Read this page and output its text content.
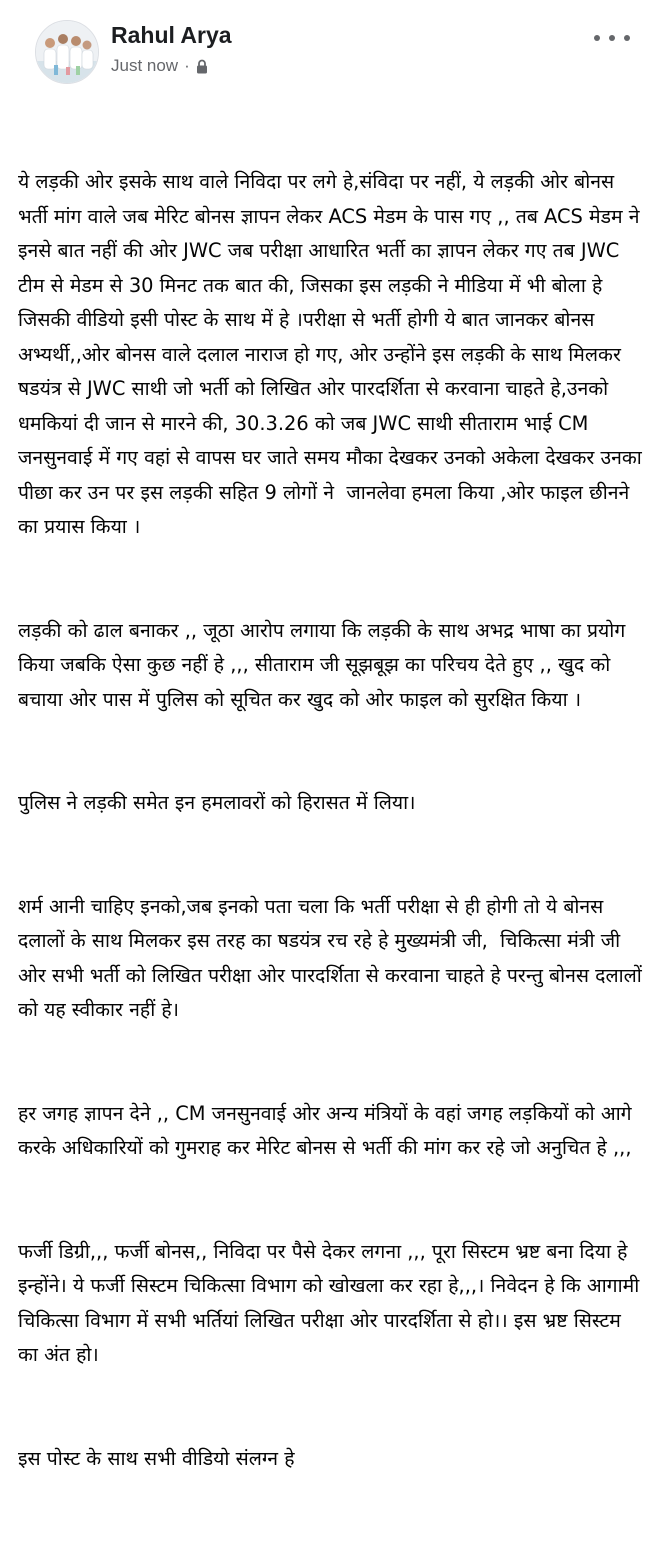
Rahul Arya
Just now ·

ये लड़की ओर इसके साथ वाले निविदा पर लगे हे,संविदा पर नहीं, ये लड़की ओर बोनस भर्ती मांग वाले जब मेरिट बोनस ज्ञापन लेकर ACS मेडम के पास गए ,, तब ACS मेडम ने इनसे बात नहीं की ओर JWC जब परीक्षा आधारित भर्ती का ज्ञापन लेकर गए तब JWC टीम से मेडम से 30 मिनट तक बात की, जिसका इस लड़की ने मीडिया में भी बोला हे जिसकी वीडियो इसी पोस्ट के साथ में हे ।परीक्षा से भर्ती होगी ये बात जानकर बोनस अभ्यर्थी,,ओर बोनस वाले दलाल नाराज हो गए, ओर उन्होंने इस लड़की के साथ मिलकर षडयंत्र से JWC साथी जो भर्ती को लिखित ओर पारदर्शिता से करवाना चाहते हे,उनको धमकियां दी जान से मारने की, 30.3.26 को जब JWC साथी सीताराम भाई CM जनसुनवाई में गए वहां से वापस घर जाते समय मौका देखकर उनको अकेला देखकर उनका पीछा कर उन पर इस लड़की सहित 9 लोगों ने  जानलेवा हमला किया ,ओर फाइल छीनने का प्रयास किया ।

लड़की को ढाल बनाकर ,, जूठा आरोप लगाया कि लड़की के साथ अभद्र भाषा का प्रयोग किया जबकि ऐसा कुछ नहीं हे ,,, सीताराम जी सूझबूझ का परिचय देते हुए ,, खुद को बचाया ओर पास में पुलिस को सूचित कर खुद को ओर फाइल को सुरक्षित किया ।

पुलिस ने लड़की समेत इन हमलावरों को हिरासत में लिया।

शर्म आनी चाहिए इनको,जब इनको पता चला कि भर्ती परीक्षा से ही होगी तो ये बोनस दलालों के साथ मिलकर इस तरह का षडयंत्र रच रहे हे मुख्यमंत्री जी,  चिकित्सा मंत्री जी ओर सभी भर्ती को लिखित परीक्षा ओर पारदर्शिता से करवाना चाहते हे परन्तु बोनस दलालों को यह स्वीकार नहीं हे।

हर जगह ज्ञापन देने ,, CM जनसुनवाई ओर अन्य मंत्रियों के वहां जगह लड़कियों को आगे करके अधिकारियों को गुमराह कर मेरिट बोनस से भर्ती की मांग कर रहे जो अनुचित हे ,,,

फर्जी डिग्री,,, फर्जी बोनस,, निविदा पर पैसे देकर लगना ,,, पूरा सिस्टम भ्रष्ट बना दिया हे इन्होंने। ये फर्जी सिस्टम चिकित्सा विभाग को खोखला कर रहा हे,,,। निवेदन हे कि आगामी चिकित्सा विभाग में सभी भर्तियां लिखित परीक्षा ओर पारदर्शिता से हो।। इस भ्रष्ट सिस्टम का अंत हो।

इस पोस्ट के साथ सभी वीडियो संलग्न हे
